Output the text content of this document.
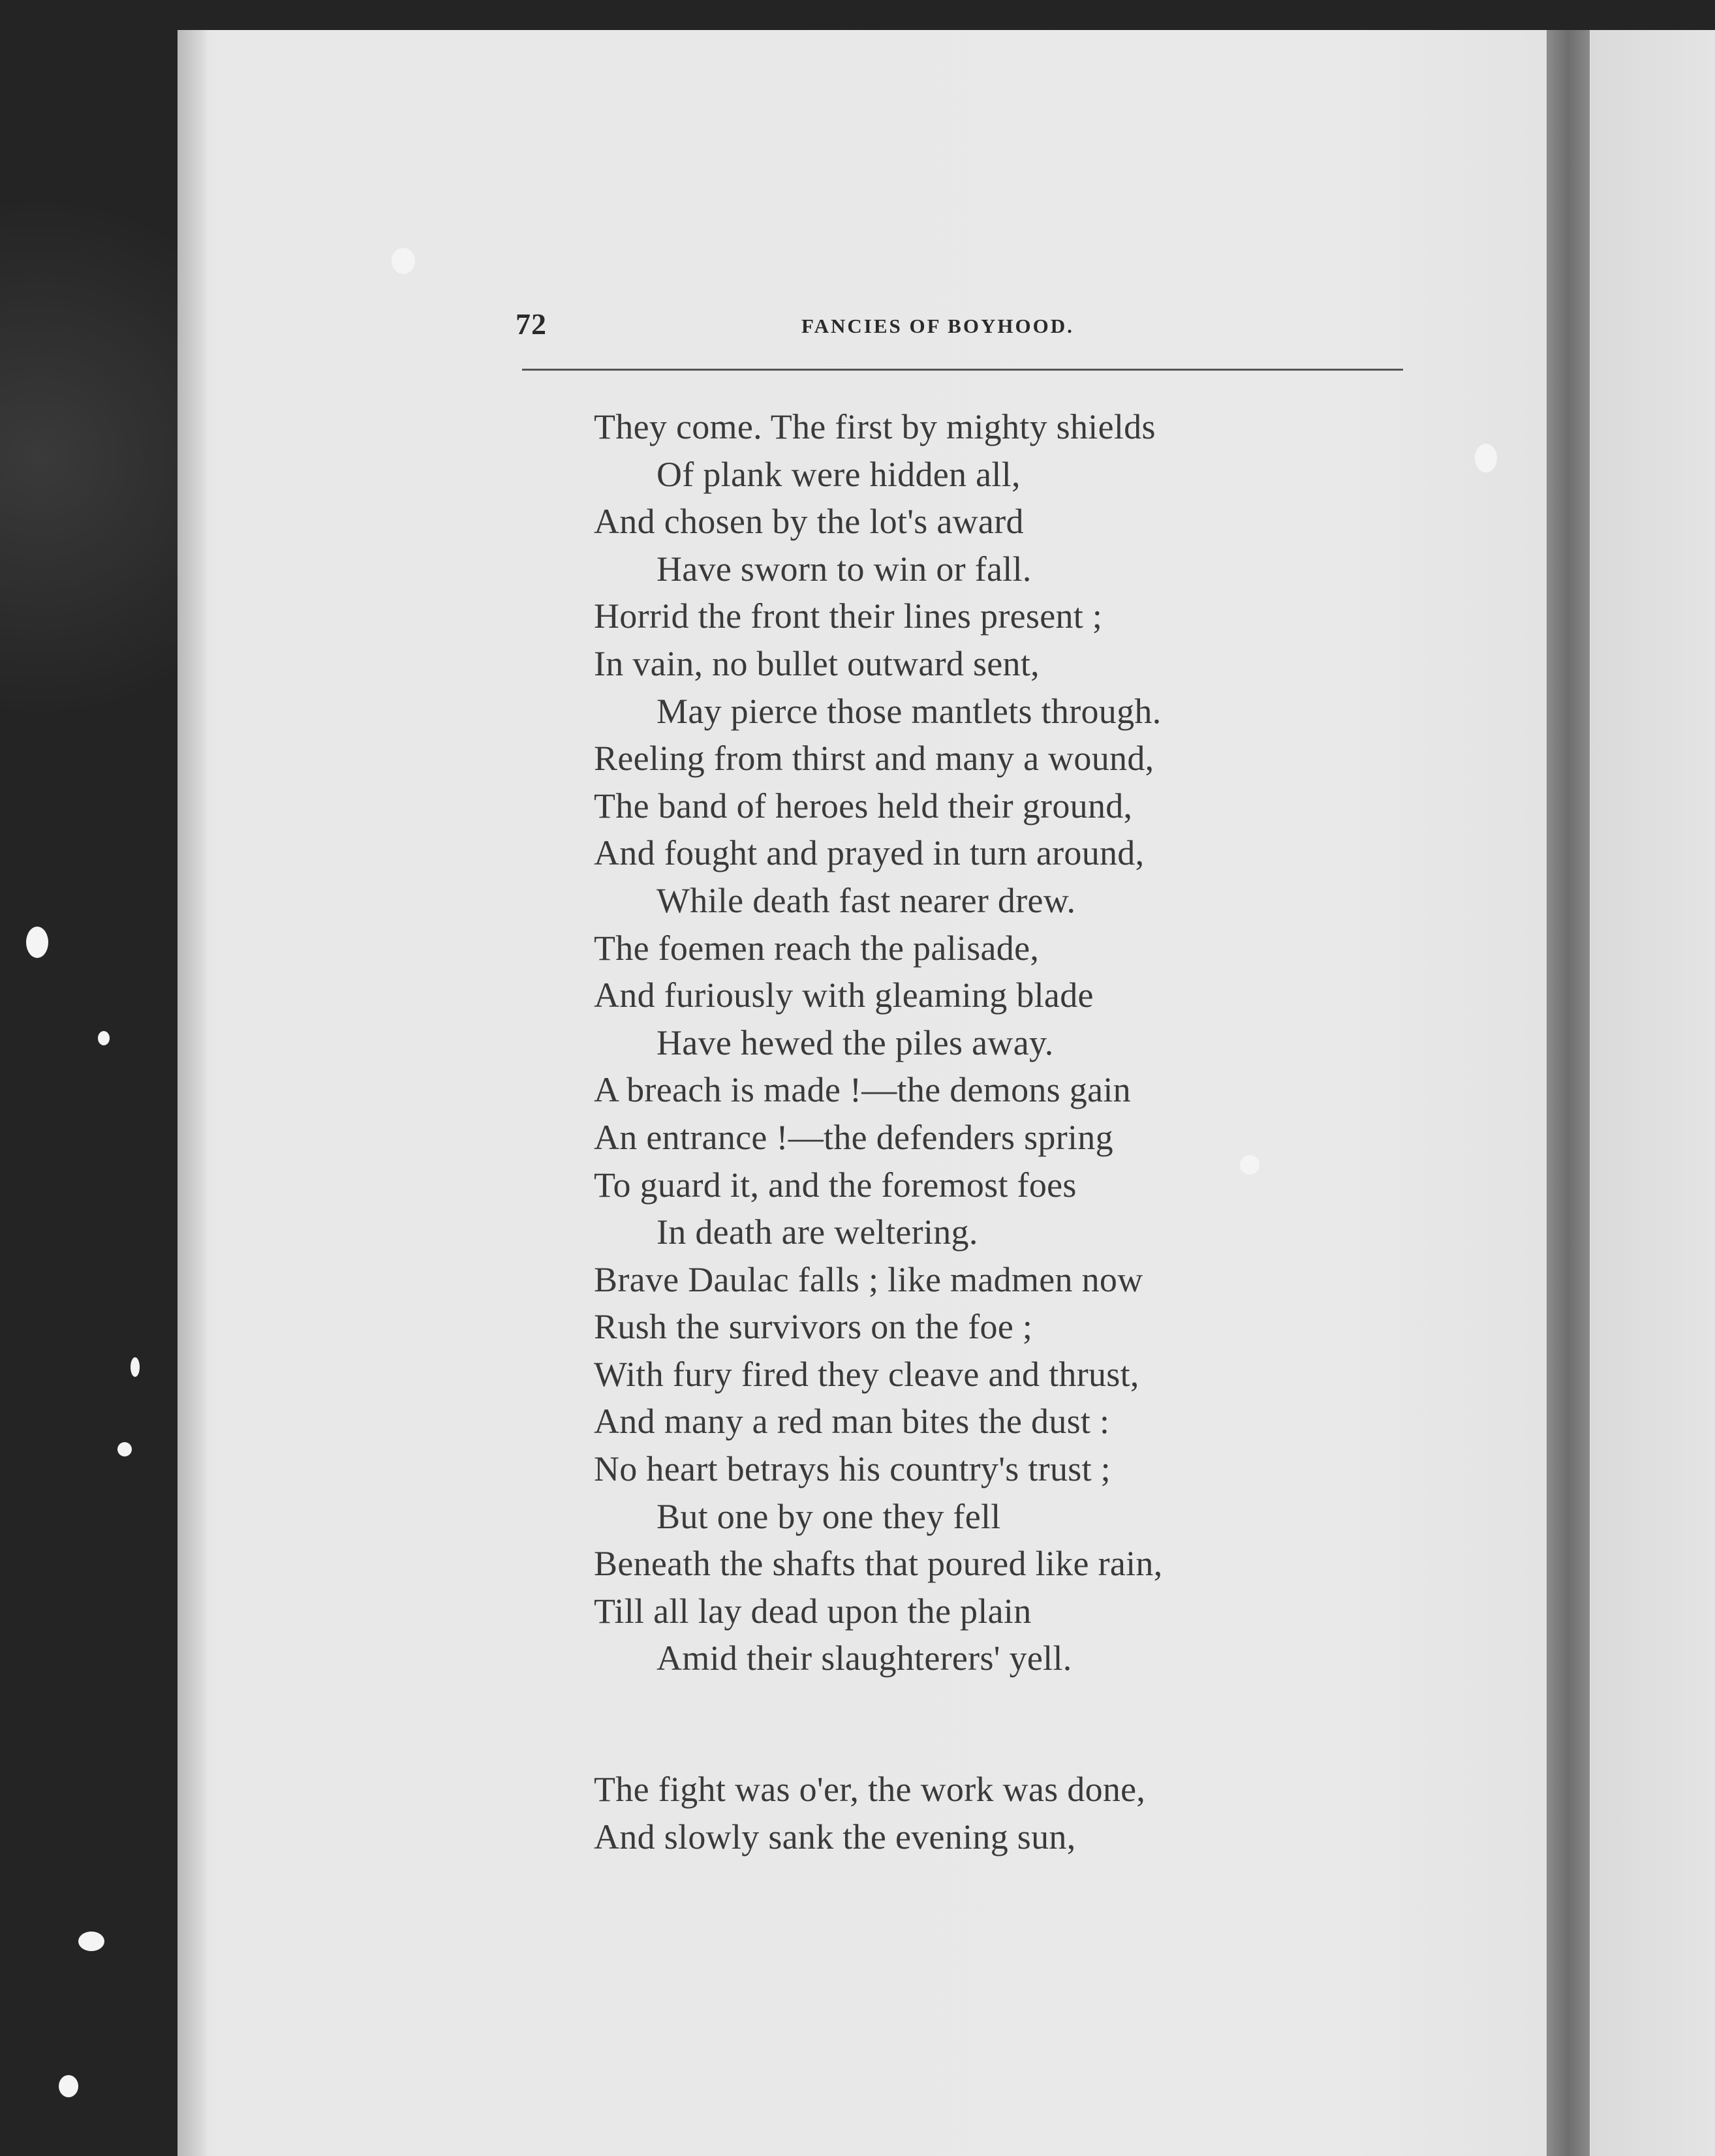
72	FANCIES OF BOYHOOD.
They come. The first by mighty shields
Of plank were hidden all,
And chosen by the lot's award
Have sworn to win or fall.
Horrid the front their lines present ;
In vain, no bullet outward sent,
May pierce those mantlets through.
Reeling from thirst and many a wound,
The band of heroes held their ground,
And fought and prayed in turn around,
While death fast nearer drew.
The foemen reach the palisade,
And furiously with gleaming blade
Have hewed the piles away.
A breach is made !—the demons gain
An entrance !—the defenders spring
To guard it, and the foremost foes
In death are weltering.
Brave Daulac falls ; like madmen now
Rush the survivors on the foe ;
With fury fired they cleave and thrust,
And many a red man bites the dust :
No heart betrays his country's trust ;
But one by one they fell
Beneath the shafts that poured like rain,
Till all lay dead upon the plain
Amid their slaughterers' yell.
The fight was o'er, the work was done,
And slowly sank the evening sun,
